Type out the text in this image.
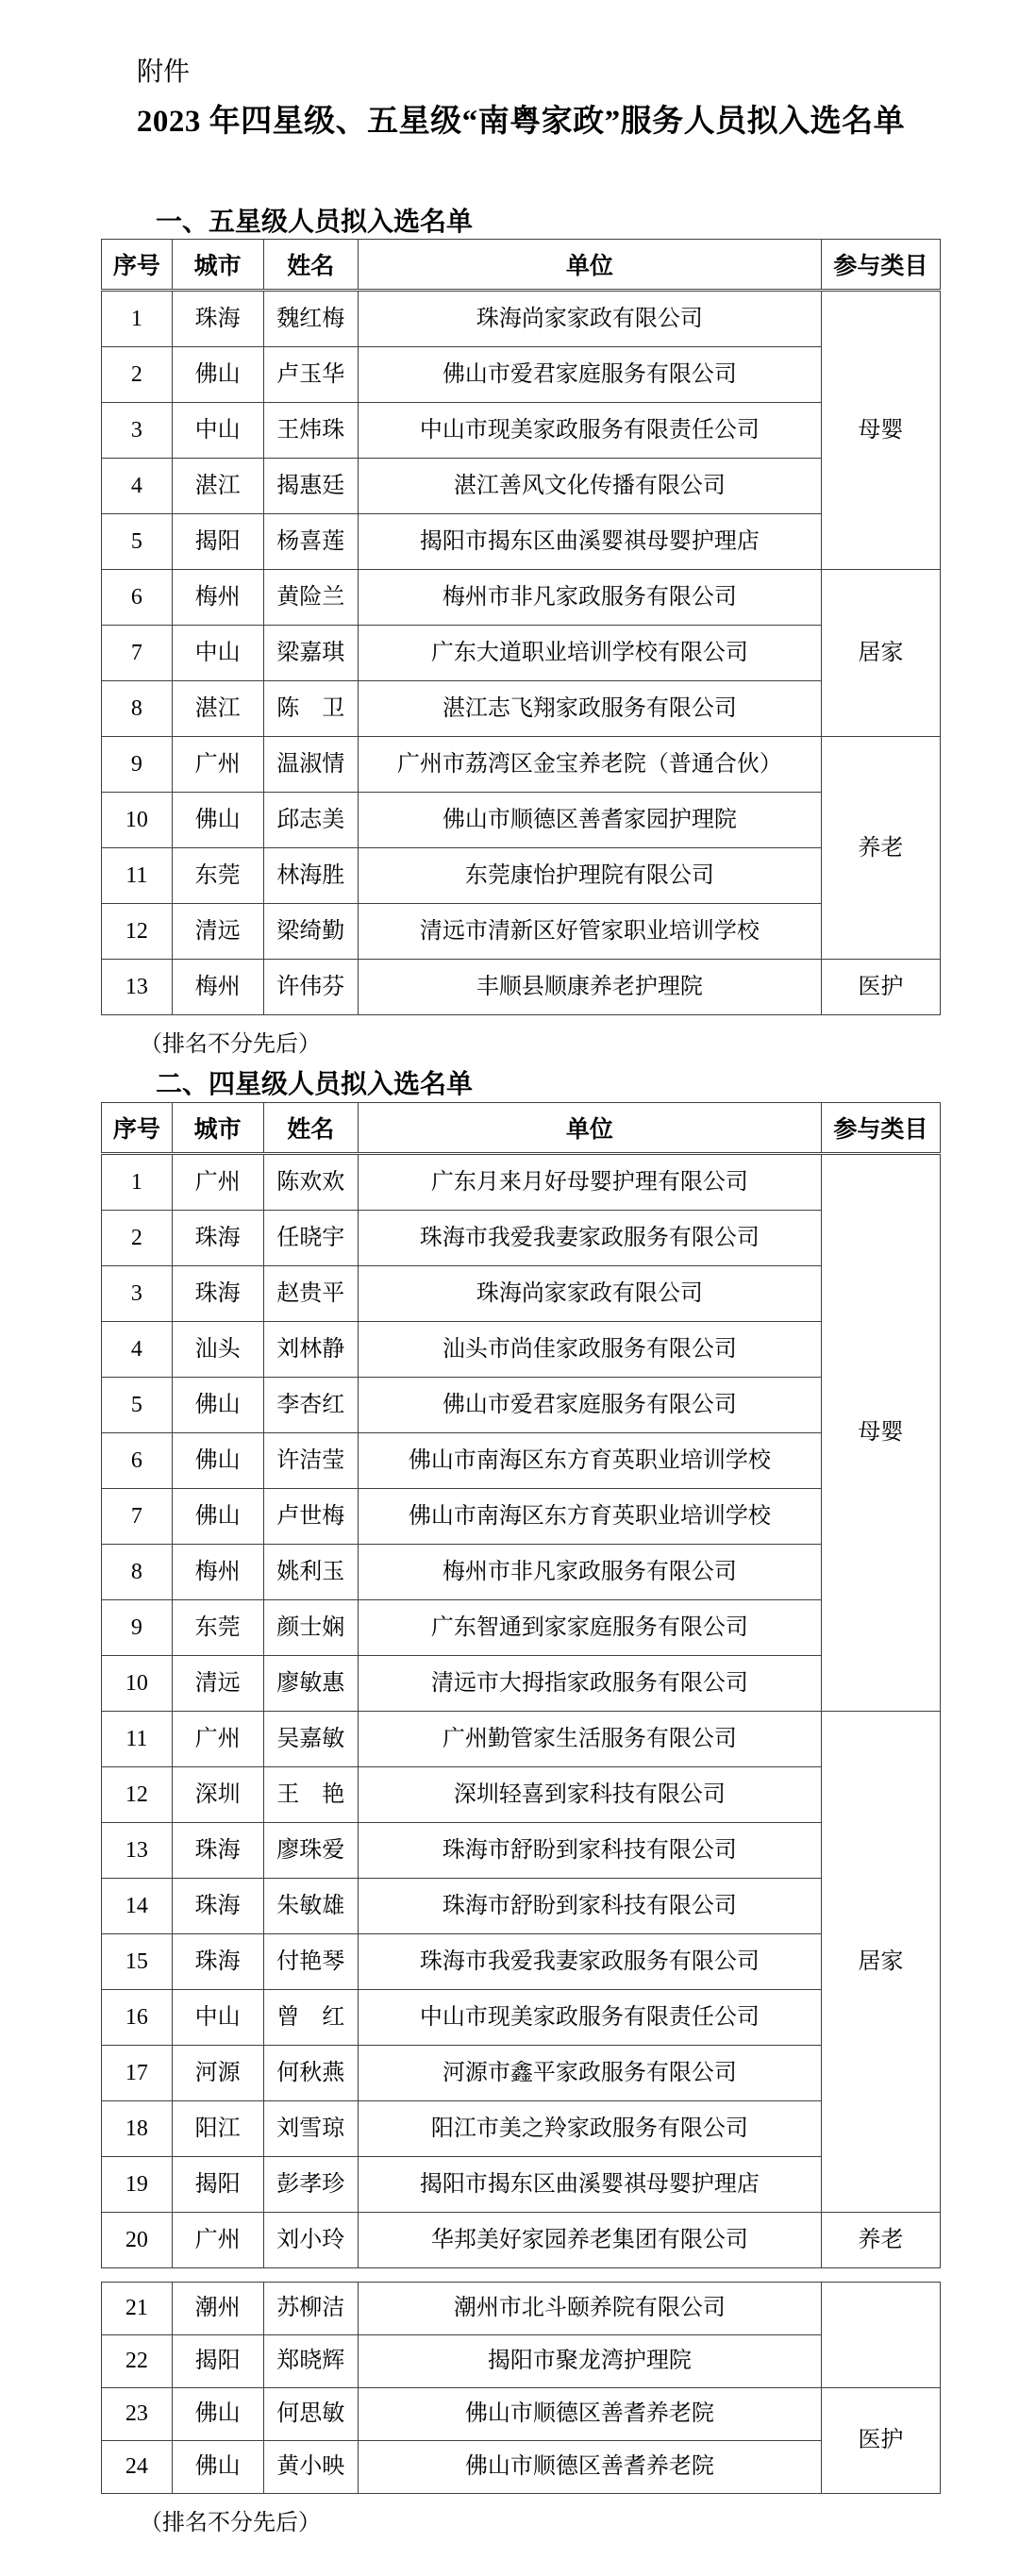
附件
2023 年四星级、五星级“南粤家政”服务人员拟入选名单
一、五星级人员拟入选名单
序号	城市	姓名	单位	参与类目
1	珠海	魏红梅	珠海尚家家政有限公司	母婴
2	佛山	卢玉华	佛山市爱君家庭服务有限公司	
3	中山	王炜珠	中山市现美家政服务有限责任公司	
4	湛江	揭惠廷	湛江善风文化传播有限公司	
5	揭阳	杨喜莲	揭阳市揭东区曲溪婴祺母婴护理店	
6	梅州	黄险兰	梅州市非凡家政服务有限公司	居家
7	中山	梁嘉琪	广东大道职业培训学校有限公司	
8	湛江	陈　卫	湛江志飞翔家政服务有限公司	
9	广州	温淑情	广州市荔湾区金宝养老院（普通合伙）	养老
10	佛山	邱志美	佛山市顺德区善耆家园护理院	
11	东莞	林海胜	东莞康怡护理院有限公司	
12	清远	梁绮勤	清远市清新区好管家职业培训学校	
13	梅州	许伟芬	丰顺县顺康养老护理院	医护
（排名不分先后）
二、四星级人员拟入选名单
序号	城市	姓名	单位	参与类目
1	广州	陈欢欢	广东月来月好母婴护理有限公司	母婴
2	珠海	任晓宇	珠海市我爱我妻家政服务有限公司	
3	珠海	赵贵平	珠海尚家家政有限公司	
4	汕头	刘林静	汕头市尚佳家政服务有限公司	
5	佛山	李杏红	佛山市爱君家庭服务有限公司	
6	佛山	许洁莹	佛山市南海区东方育英职业培训学校	
7	佛山	卢世梅	佛山市南海区东方育英职业培训学校	
8	梅州	姚利玉	梅州市非凡家政服务有限公司	
9	东莞	颜士娴	广东智通到家家庭服务有限公司	
10	清远	廖敏惠	清远市大拇指家政服务有限公司	
11	广州	吴嘉敏	广州勤管家生活服务有限公司	居家
12	深圳	王　艳	深圳轻喜到家科技有限公司	
13	珠海	廖珠爱	珠海市舒盼到家科技有限公司	
14	珠海	朱敏雄	珠海市舒盼到家科技有限公司	
15	珠海	付艳琴	珠海市我爱我妻家政服务有限公司	
16	中山	曾　红	中山市现美家政服务有限责任公司	
17	河源	何秋燕	河源市鑫平家政服务有限公司	
18	阳江	刘雪琼	阳江市美之羚家政服务有限公司	
19	揭阳	彭孝珍	揭阳市揭东区曲溪婴祺母婴护理店	
20	广州	刘小玲	华邦美好家园养老集团有限公司	养老
21	潮州	苏柳洁	潮州市北斗颐养院有限公司	
22	揭阳	郑晓辉	揭阳市聚龙湾护理院	
23	佛山	何思敏	佛山市顺德区善耆养老院	医护
24	佛山	黄小映	佛山市顺德区善耆养老院	
（排名不分先后）
